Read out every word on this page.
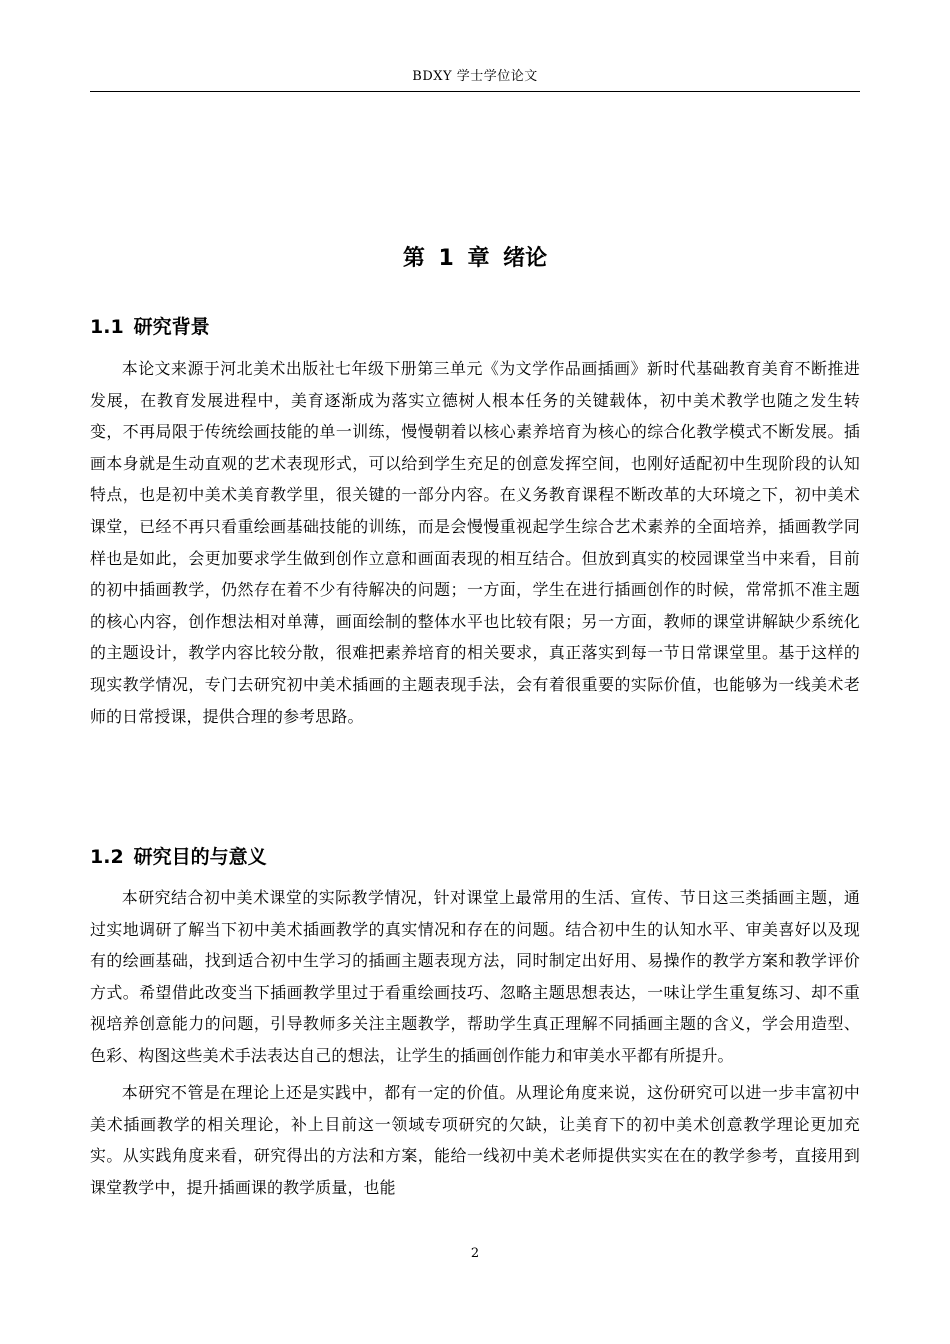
BDXY 学士学位论文
第 1 章 绪论
1.1 研究背景

本论文来源于河北美术出版社七年级下册第三单元《为文学作品画插画》新时代基础教育美育不断推进发展，在教育发展进程中，美育逐渐成为落实立德树人根本任务的关键载体，初中美术教学也随之发生转变，不再局限于传统绘画技能的单一训练，慢慢朝着以核心素养培育为核心的综合化教学模式不断发展。插画本身就是生动直观的艺术表现形式，可以给到学生充足的创意发挥空间，也刚好适配初中生现阶段的认知特点，也是初中美术美育教学里，很关键的一部分内容。在义务教育课程不断改革的大环境之下，初中美术课堂，已经不再只看重绘画基础技能的训练，而是会慢慢重视起学生综合艺术素养的全面培养，插画教学同样也是如此，会更加要求学生做到创作立意和画面表现的相互结合。但放到真实的校园课堂当中来看，目前的初中插画教学，仍然存在着不少有待解决的问题；一方面，学生在进行插画创作的时候，常常抓不准主题的核心内容，创作想法相对单薄，画面绘制的整体水平也比较有限；另一方面，教师的课堂讲解缺少系统化的主题设计，教学内容比较分散，很难把素养培育的相关要求，真正落实到每一节日常课堂里。基于这样的现实教学情况，专门去研究初中美术插画的主题表现手法，会有着很重要的实际价值，也能够为一线美术老师的日常授课，提供合理的参考思路。

1.2 研究目的与意义

本研究结合初中美术课堂的实际教学情况，针对课堂上最常用的生活、宣传、节日这三类插画主题，通过实地调研了解当下初中美术插画教学的真实情况和存在的问题。结合初中生的认知水平、审美喜好以及现有的绘画基础，找到适合初中生学习的插画主题表现方法，同时制定出好用、易操作的教学方案和教学评价方式。希望借此改变当下插画教学里过于看重绘画技巧、忽略主题思想表达，一味让学生重复练习、却不重视培养创意能力的问题，引导教师多关注主题教学，帮助学生真正理解不同插画主题的含义，学会用造型、色彩、构图这些美术手法表达自己的想法，让学生的插画创作能力和审美水平都有所提升。

本研究不管是在理论上还是实践中，都有一定的价值。从理论角度来说，这份研究可以进一步丰富初中美术插画教学的相关理论，补上目前这一领域专项研究的欠缺，让美育下的初中美术创意教学理论更加充实。从实践角度来看，研究得出的方法和方案，能给一线初中美术老师提供实实在在的教学参考，直接用到课堂教学中，提升插画课的教学质量，也能

2
